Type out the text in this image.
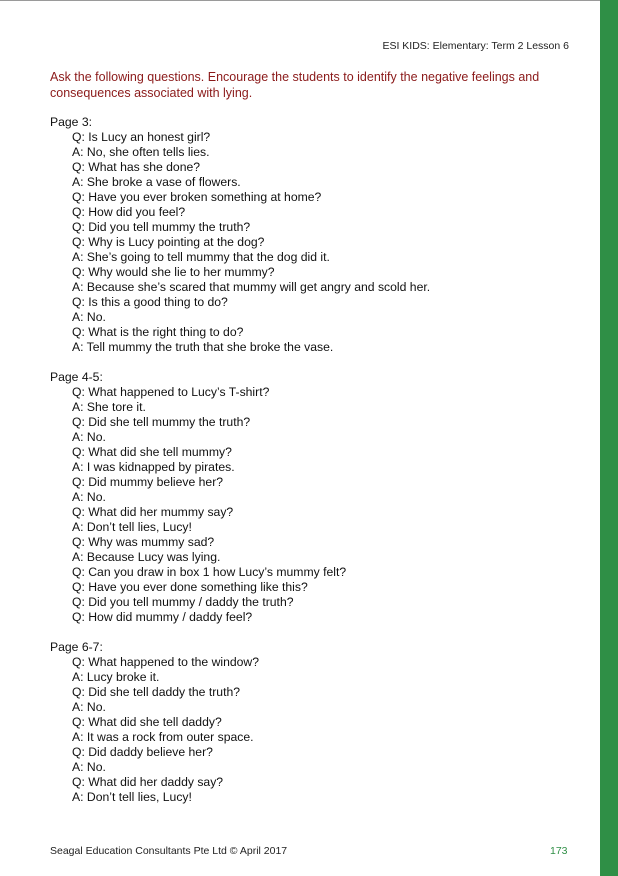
ESI KIDS: Elementary: Term 2 Lesson 6
Ask the following questions. Encourage the students to identify the negative feelings and consequences associated with lying.
Page 3:
Q: Is Lucy an honest girl?
A: No, she often tells lies.
Q: What has she done?
A: She broke a vase of flowers.
Q: Have you ever broken something at home?
Q: How did you feel?
Q: Did you tell mummy the truth?
Q: Why is Lucy pointing at the dog?
A: She’s going to tell mummy that the dog did it.
Q: Why would she lie to her mummy?
A: Because she’s scared that mummy will get angry and scold her.
Q: Is this a good thing to do?
A: No.
Q: What is the right thing to do?
A: Tell mummy the truth that she broke the vase.
Page 4-5:
Q: What happened to Lucy’s T-shirt?
A: She tore it.
Q: Did she tell mummy the truth?
A: No.
Q: What did she tell mummy?
A: I was kidnapped by pirates.
Q: Did mummy believe her?
A: No.
Q: What did her mummy say?
A: Don’t tell lies, Lucy!
Q: Why was mummy sad?
A: Because Lucy was lying.
Q: Can you draw in box 1 how Lucy’s mummy felt?
Q: Have you ever done something like this?
Q: Did you tell mummy / daddy the truth?
Q: How did mummy / daddy feel?
Page 6-7:
Q: What happened to the window?
A: Lucy broke it.
Q: Did she tell daddy the truth?
A: No.
Q: What did she tell daddy?
A: It was a rock from outer space.
Q: Did daddy believe her?
A: No.
Q: What did her daddy say?
A: Don’t tell lies, Lucy!
Seagal Education Consultants Pte Ltd © April 2017	173
